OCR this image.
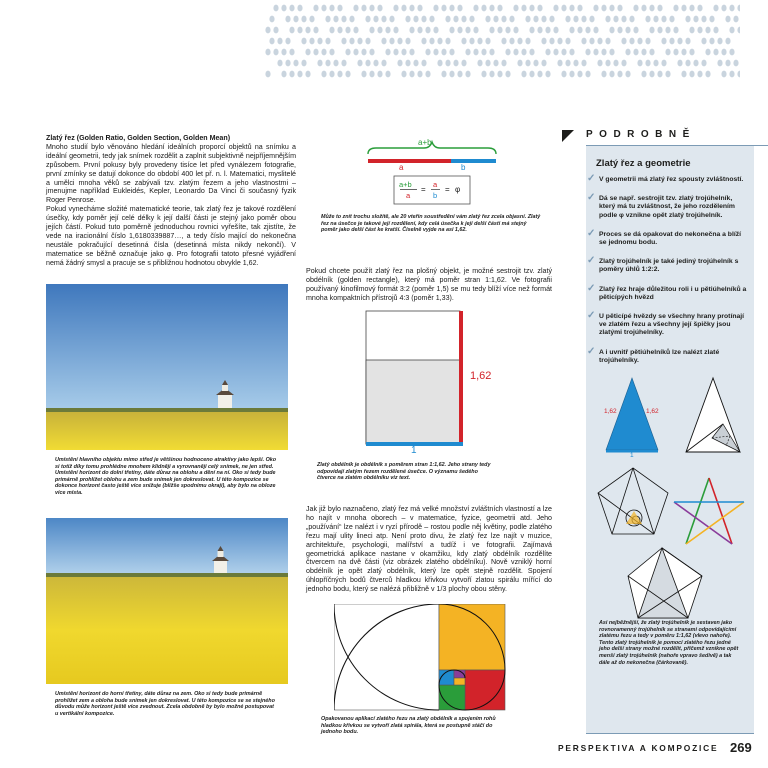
Zlatý řez (Golden Ratio, Golden Section, Golden Mean)
Mnoho studií bylo věnováno hledání ideálních proporcí objektů na snímku a ideální geometrii, tedy jak snímek rozdělit a zaplnit subjektivně nejpříjemnějším způsobem. První pokusy byly provedeny tisíce let před vynálezem fotografie, první zmínky se datují dokonce do období 400 let př. n. l. Matematici, myslitelé a umělci mnoha věků se zabývali tzv. zlatým řezem a jeho vlastnostmi – jmenujme například Eukleidés, Kepler, Leonardo Da Vinci či současný fyzik Roger Penrose.
Pokud vynecháme složité matematické teorie, tak zlatý řez je takové rozdělení úsečky, kdy poměr její celé délky k její další části je stejný jako poměr obou jejích částí. Pokud tuto poměrně jednoduchou rovnici vyřešíte, tak zjistíte, že vede na iracionální číslo 1,6180339887…, a tedy číslo mající do nekonečna neustále pokračující desetinná čísla (desetinná místa nikdy nekončí). V matematice se běžně označuje jako φ. Pro fotografii tatoto přesné vyjádření nemá žádný smysl a pracuje se s přibližnou hodnotou obvykle 1,62.
Umístění hlavního objektu mimo střed je většinou hodnoceno atraktivy jako lepší. Oko si totiž díky tomu prohlédne mnohem klidněji a vyrovnaněji celý snímek, ne jen střed. Umístění horizont do dolní třetiny, dáte důraz na oblohu a dění na ní. Oko si tedy bude primárně prohlížet oblohu a zem bude snímek jen dokreslovat. U této kompozice se dokonce horizont často ještě více snižuje (bližše spodnímu okraji), aby bylo na obloze více místa.
Umístění horizont do horní třetiny, dáte důraz na zem. Oko si tedy bude primárně prohlížet zem a obloha bude snímek jen dokreslovat. U této kompozice se se stejného důvodu může horizont ještě více zvednout. Zcela obdobně by bylo možné postupovat u vertikální kompozice.
a+b
a	b
a+b
a
=
a
b
= φ
Může to znít trochu složitě, ale 20 vteřin soustředění vám zlatý řez zcela objasní. Zlatý řez na úsečce je takové její rozdělení, kdy celá úsečka k její delší části má stejný poměr jako delší část ke kratší. Číselně vyjde na asi 1,62.
Pokud chcete použít zlatý řez na plošný objekt, je možné sestrojit tzv. zlatý obdélník (golden rectangle), který má poměr stran 1:1,62. Ve fotografii používaný kinofilmový formát 3:2 (poměr 1,5) se mu tedy blíží více než formát mnoha kompaktních přístrojů 4:3 (poměr 1,33).
1,62
1
Zlatý obdélník je obdélník s poměrem stran 1:1,62. Jeho strany tedy odpovídají zlatým řezem rozdělené úsečce. O významu šedého čtverce na zlatém obdélníku viz text.
Jak již bylo naznačeno, zlatý řez má velké množství zvláštních vlastností a lze ho najít v mnoha oborech – v matematice, fyzice, geometrii atd. Jeho „používání“ lze nalézt i v ryzí přírodě – rostou podle něj květiny, podle zlatého řezu mají ulity lineci atp. Není proto divu, že zlatý řez lze najít v muzice, architektuře, psychologii, malířství a tudíž i ve fotografii. Zajímavá geometrická aplikace nastane v okamžiku, kdy zlatý obdélník rozdělíte čtvercem na dvě části (viz obrázek zlatého obdélníku). Nově vzniklý horní obdélník je opět zlatý obdélník, který lze opět stejně rozdělit. Spojení úhlopříčných bodů čtverců hladkou křivkou vytvoří zlatou spirálu mířící do jednoho bodu, který se nalézá přibližně v 1/3 plochy obou stěny.
Opakovanou aplikací zlatého řezu na zlatý obdélník a spojením rohů hladkou křivkou se vytvoří zlatá spirála, která se postupně stáčí do jednoho bodu.
PODROBNĚ
Zlatý řez a geometrie
✓ V geometrii má zlatý řez spousty zvláštností.
✓ Dá se např. sestrojit tzv. zlatý trojúhelník, který má tu zvláštnost, že jeho rozdělením podle φ vznikne opět zlatý trojúhelník.
✓ Proces se dá opakovat do nekonečna a blíží se jednomu bodu.
✓ Zlatý trojúhelník je také jediný trojúhelník s poměry úhlů 1:2:2.
✓ Zlatý řez hraje důležitou roli i u pětiúhelníků a pěticípých hvězd
✓ U pěticípé hvězdy se všechny hrany protínají ve zlatém řezu a všechny její špičky jsou zlatými trojúhelníky.
✓ A i uvnitř pětiúhelníků lze nalézt zlaté trojúhelníky.
1,62	1,62
1
Asi nejběžnější, že zlatý trojúhelník je sestaven jako rovnoramenný trojúhelník se stranami odpovídajícími zlatému řezu a tedy v poměru 1:1,62 (vlevo nahoře). Tento zlatý trojúhelník je pomocí zlatého řezu jedné jeho delší strany možné rozdělit, přičemž vznikne opět menší zlatý trojúhelník (nahoře vpravo šedivě) a tak dále až do nekonečna (čárkovaně).
PERSPEKTIVA A KOMPOZICE 269
